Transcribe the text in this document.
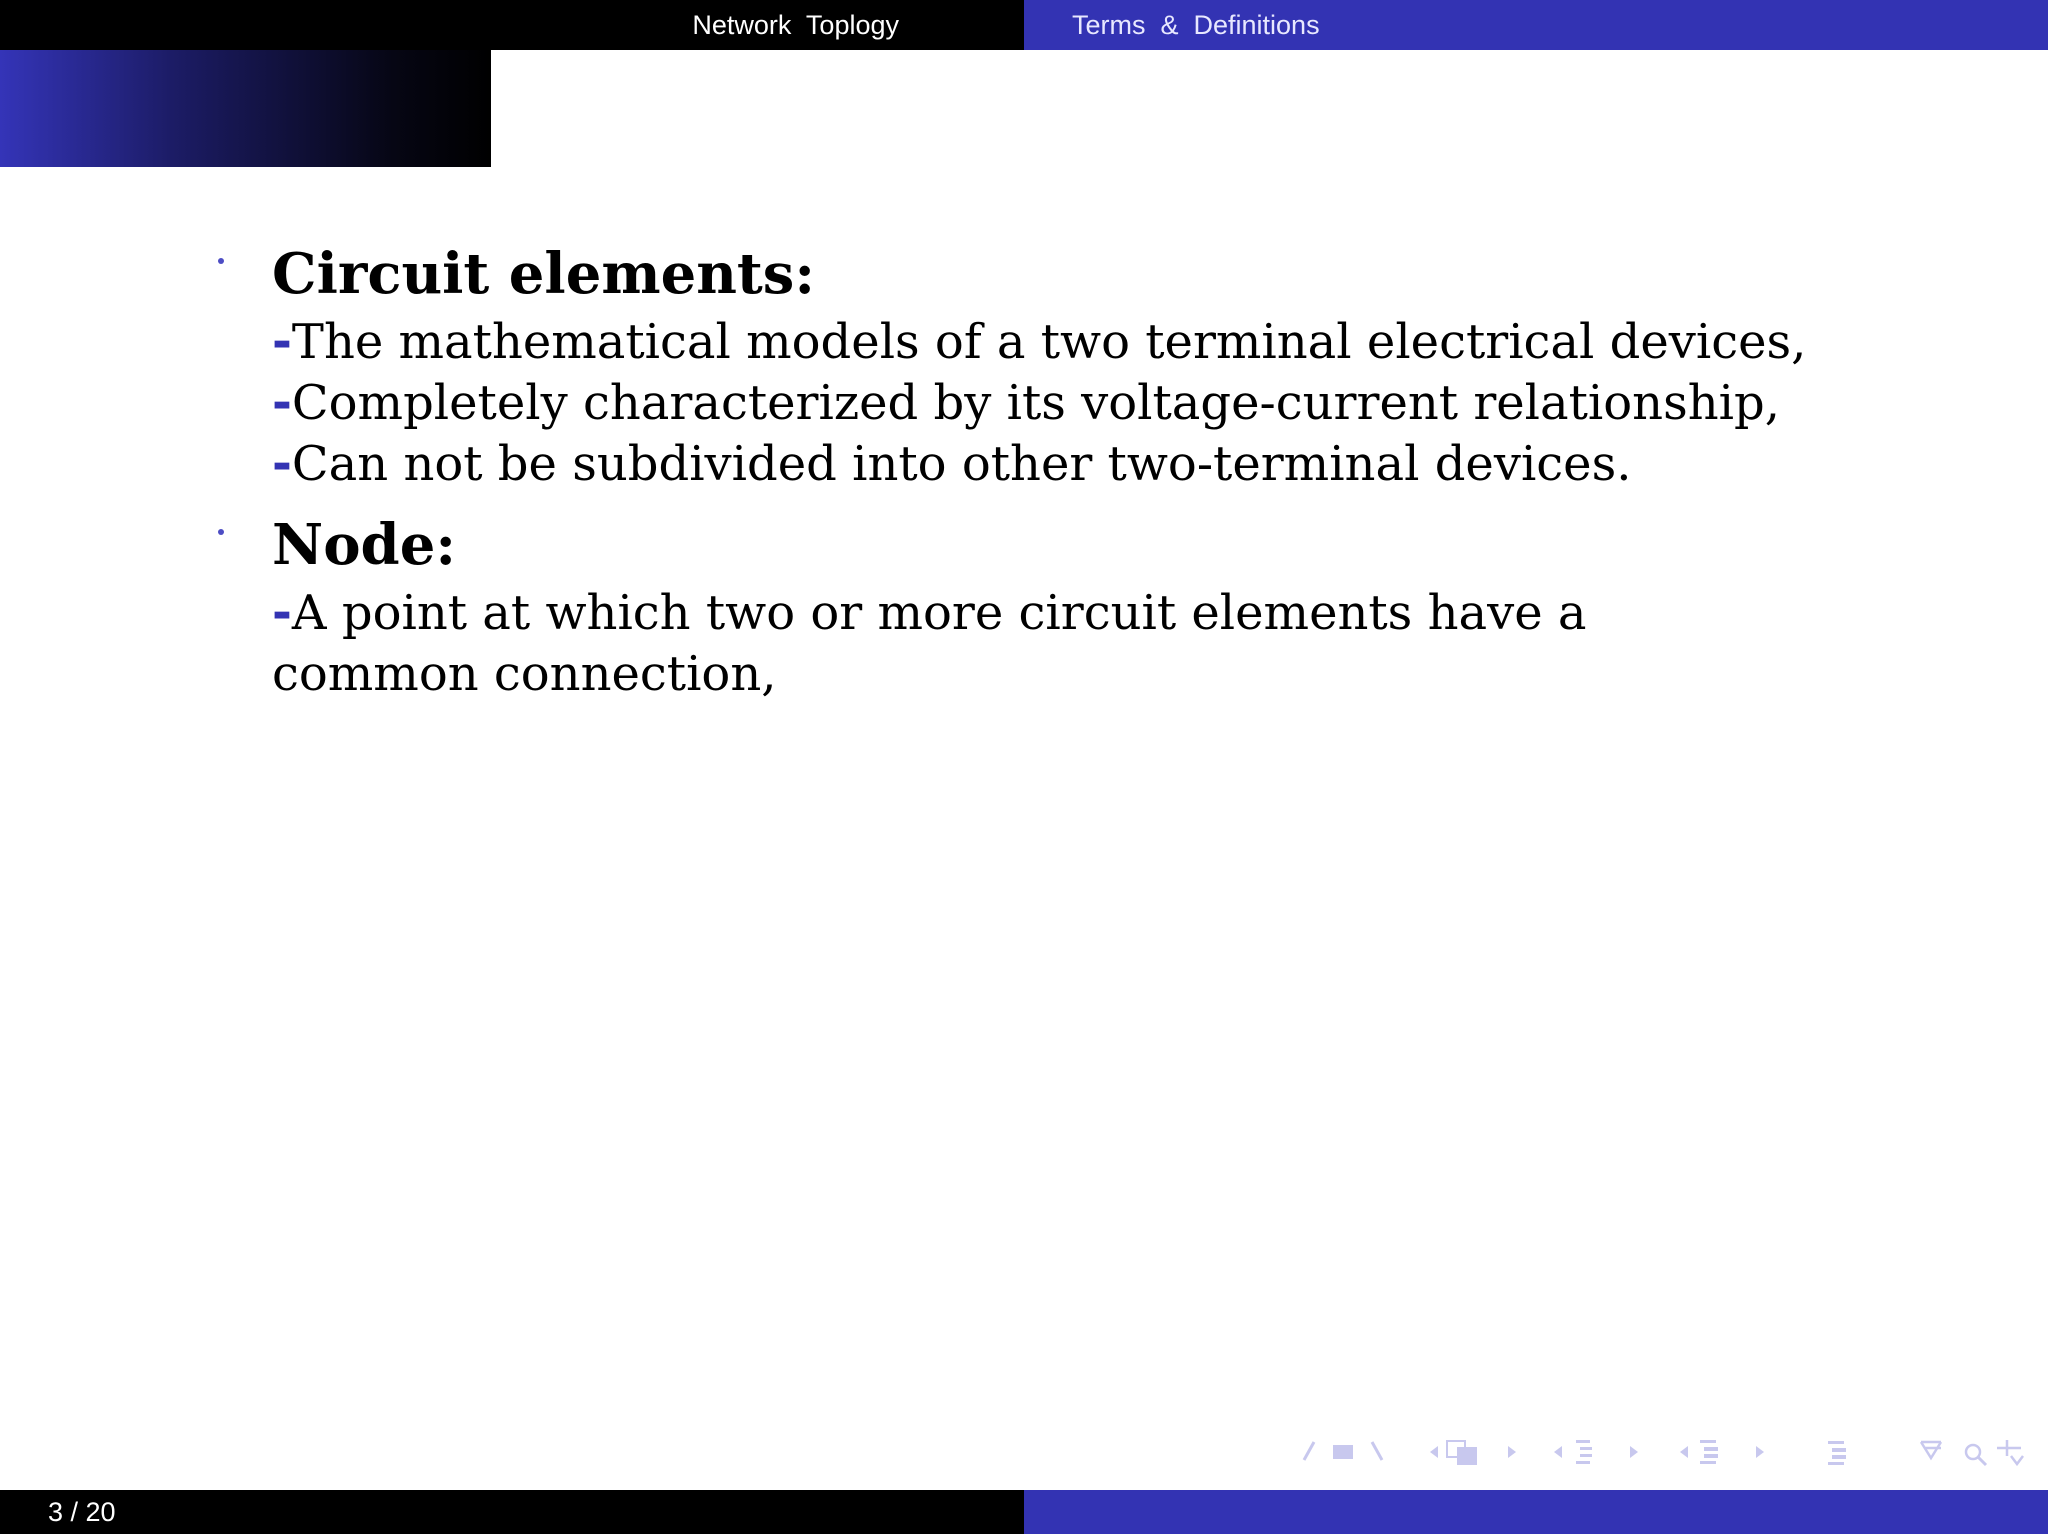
Network  Toplogy	Terms  &  Definitions

Circuit elements:

-The mathematical models of a two terminal electrical devices,
-Completely characterized by its voltage-current relationship,
-Can not be subdivided into other two-terminal devices.

Node:

-A point at which two or more circuit elements have a
common connection,
3 / 20
